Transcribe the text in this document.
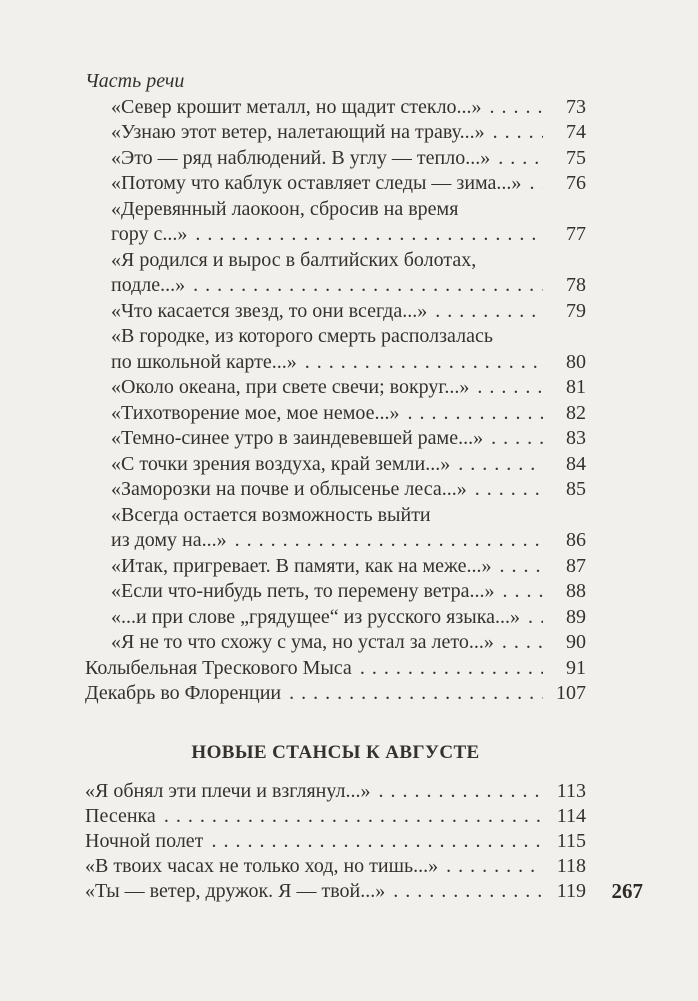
Часть речи
«Север крошит металл, но щадит стекло...» . . .	73
«Узнаю этот ветер, налетающий на траву...» . . .	74
«Это — ряд наблюдений. В углу — тепло...» . . .	75
«Потому что каблук оставляет следы — зима...» . . .	76
«Деревянный лаокоон, сбросив на время
гору с...» . . .	77
«Я родился и вырос в балтийских болотах,
подле...» . . .	78
«Что касается звезд, то они всегда...» . . .	79
«В городке, из которого смерть расползалась
по школьной карте...» . . .	80
«Около океана, при свете свечи; вокруг...» . . .	81
«Тихотворение мое, мое немое...» . . .	82
«Темно-синее утро в заиндевевшей раме...» . . .	83
«С точки зрения воздуха, край земли...» . . .	84
«Заморозки на почве и облысенье леса...» . . .	85
«Всегда остается возможность выйти
из дому на...» . . .	86
«Итак, пригревает. В памяти, как на меже...» . . .	87
«Если что-нибудь петь, то перемену ветра...» . . .	88
«...и при слове „грядущее“ из русского языка...» . . .	89
«Я не то что схожу с ума, но устал за лето...» . . .	90
Колыбельная Трескового Мыса . . .	91
Декабрь во Флоренции . . .	107
НОВЫЕ СТАНСЫ К АВГУСТЕ
«Я обнял эти плечи и взглянул...» . . .	113
Песенка . . .	114
Ночной полет . . .	115
«В твоих часах не только ход, но тишь...» . . .	118
«Ты — ветер, дружок. Я — твой...» . . .	119 267
